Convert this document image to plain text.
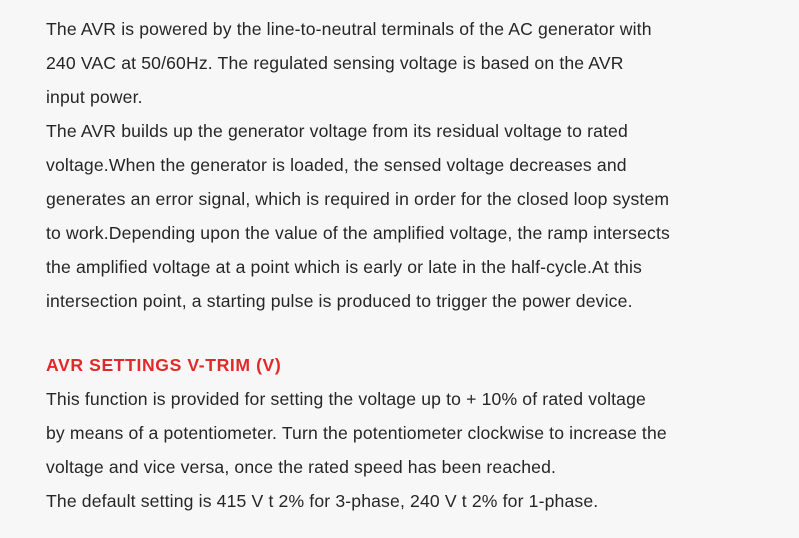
The AVR is powered by the line-to-neutral terminals of the AC generator with
240 VAC at 50/60Hz. The regulated sensing voltage is based on the AVR
input power.
The AVR builds up the generator voltage from its residual voltage to rated
voltage.When the generator is loaded, the sensed voltage decreases and
generates an error signal, which is required in order for the closed loop system
to work.Depending upon the value of the amplified voltage, the ramp intersects
the amplified voltage at a point which is early or late in the half-cycle.At this
intersection point, a starting pulse is produced to trigger the power device.
AVR SETTINGS V-TRIM (V)
This function is provided for setting the voltage up to + 10% of rated voltage
by means of a potentiometer. Turn the potentiometer clockwise to increase the
voltage and vice versa, once the rated speed has been reached.
The default setting is 415 V t 2% for 3-phase, 240 V t 2% for 1-phase.
